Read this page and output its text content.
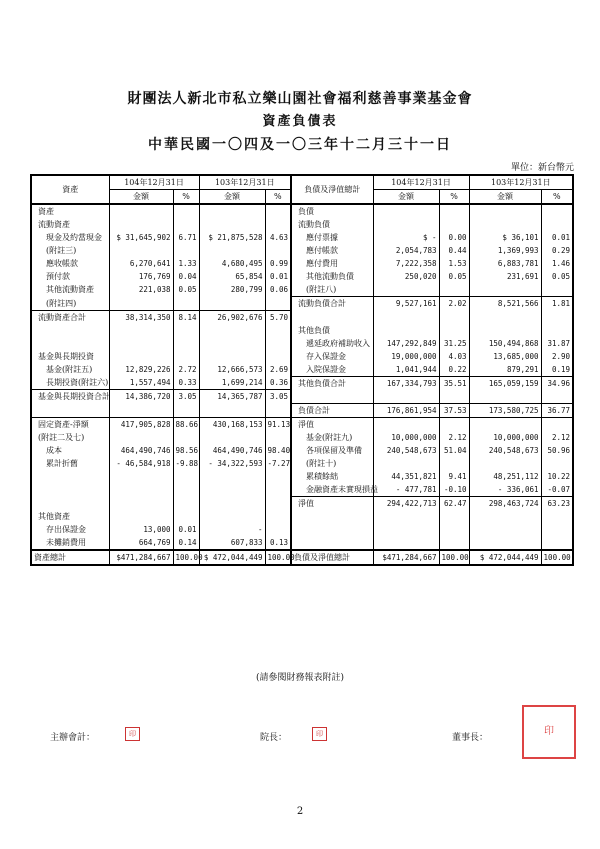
財團法人新北市私立樂山園社會福利慈善事業基金會
資產負債表
中華民國一〇四及一〇三年十二月三十一日
單位：新台幣元
資產	104年12月31日		103年12月31日		負債及淨值總計	104年12月31日		103年12月31日	
	金額	%	金額	%		金額	%	金額	%
資產					負債				
流動資產					流動負債				
現金及約當現金	$ 31,645,902	6.71	$ 21,875,528	4.63	應付票據	$ -	0.00	$ 36,101	0.01
(附註三)					應付帳款	2,054,783	0.44	1,369,993	0.29
應收帳款	6,270,641	1.33	4,680,495	0.99	應付費用	7,222,358	1.53	6,883,781	1.46
預付款	176,769	0.04	65,854	0.01	其他流動負債	250,020	0.05	231,691	0.05
其他流動資產	221,038	0.05	280,799	0.06	(附註八)				
(附註四)					流動負債合計	9,527,161	2.02	8,521,566	1.81
流動資產合計	38,314,350	8.14	26,902,676	5.70					
					其他負債				
					遞延政府補助收入	147,292,849	31.25	150,494,868	31.87
基金與長期投資					存入保證金	19,000,000	4.03	13,685,000	2.90
基金(附註五)	12,829,226	2.72	12,666,573	2.69	入院保證金	1,041,944	0.22	879,291	0.19
長期投資(附註六)	1,557,494	0.33	1,699,214	0.36	其他負債合計	167,334,793	35.51	165,059,159	34.96
基金與長期投資合計	14,386,720	3.05	14,365,787	3.05					
					負債合計	176,861,954	37.53	173,580,725	36.77

固定資產-淨額	417,905,828	88.66	430,168,153	91.13	淨值				
(附註二及七)					基金(附註九)	10,000,000	2.12	10,000,000	2.12
成本	464,490,746	98.56	464,490,746	98.40	各項保留及準備	240,548,673	51.04	240,548,673	50.96
累計折舊	- 46,584,918	-9.88	- 34,322,593	-7.27	(附註十)				
					累積餘絀	44,351,821	9.41	48,251,112	10.22
					金融資產未實現損益	- 477,781	-0.10	- 336,061	-0.07
					淨值	294,422,713	62.47	298,463,724	63.23
其他資產									
存出保證金	13,000	0.01	-						
未攤銷費用	664,769	0.14	607,833	0.13					

資產總計	$471,284,667	100.00	$ 472,044,449	100.00	負債及淨值總計	$471,284,667	100.00	$ 472,044,449	100.00
(請參閱財務報表附註)
主辦會計：	印	院長：	印	董事長：
印
2
